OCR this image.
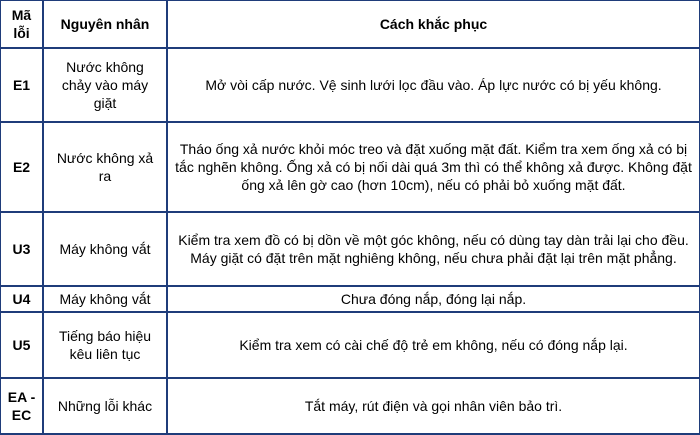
Mã lỗi	Nguyên nhân	Cách khắc phục
E1	Nước không chảy vào máy giặt	Mở vòi cấp nước. Vệ sinh lưới lọc đầu vào. Áp lực nước có bị yếu không.
E2	Nước không xả ra	Tháo ống xả nước khỏi móc treo và đặt xuống mặt đất. Kiểm tra xem ống xả có bị tắc nghẽn không. Ống xả có bị nối dài quá 3m thì có thể không xả được. Không đặt ống xả lên gờ cao (hơn 10cm), nếu có phải bỏ xuống mặt đất.
U3	Máy không vắt	Kiểm tra xem đồ có bị dồn về một góc không, nếu có dùng tay dàn trải lại cho đều. Máy giặt có đặt trên mặt nghiêng không, nếu chưa phải đặt lại trên mặt phẳng.
U4	Máy không vắt	Chưa đóng nắp, đóng lại nắp.
U5	Tiếng báo hiệu kêu liên tục	Kiểm tra xem có cài chế độ trẻ em không, nếu có đóng nắp lại.
EA - EC	Những lỗi khác	Tắt máy, rút điện và gọi nhân viên bảo trì.
